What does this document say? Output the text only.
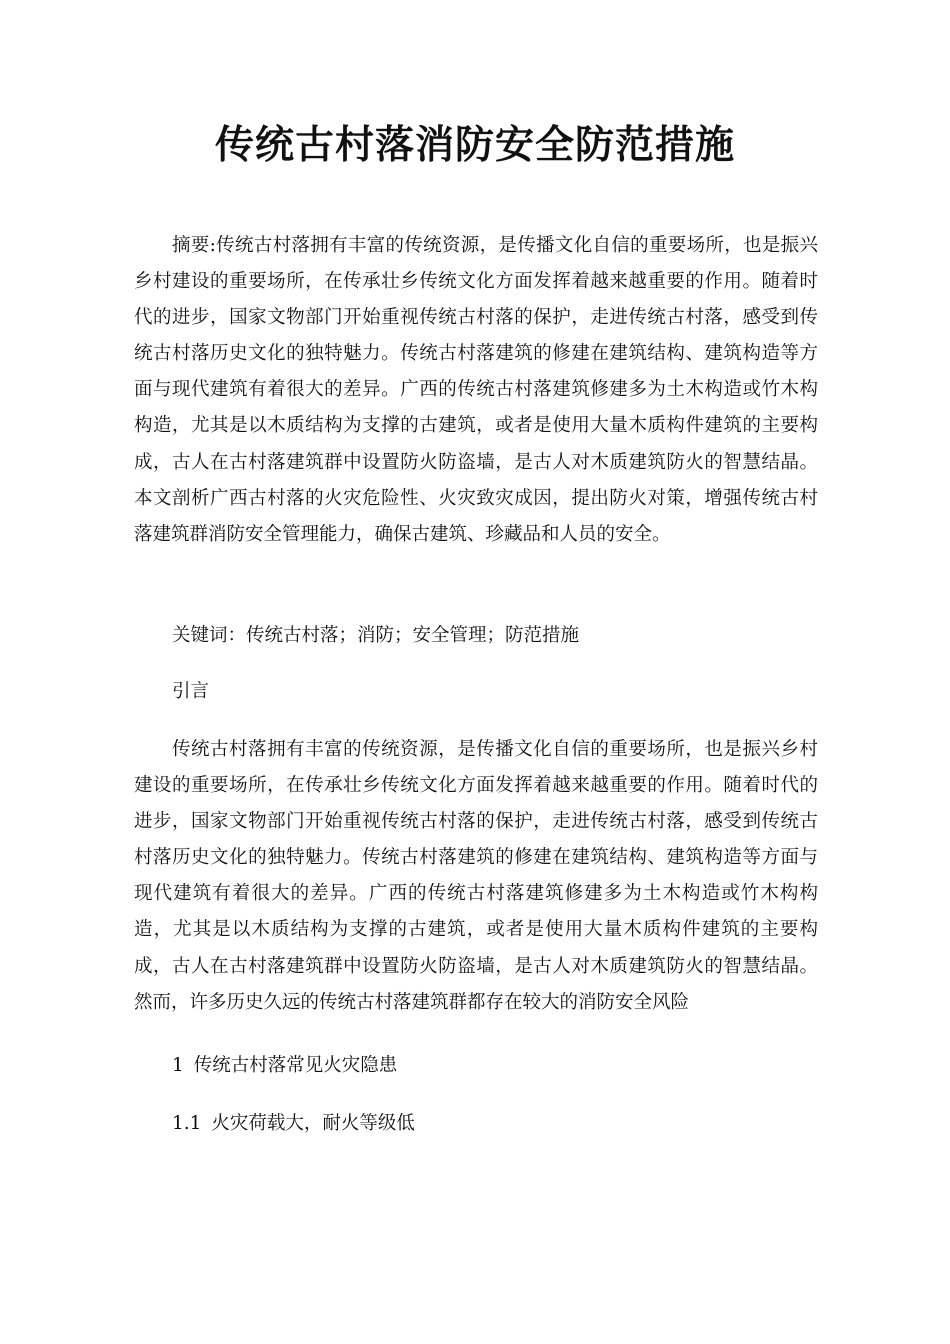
传统古村落消防安全防范措施

摘要:传统古村落拥有丰富的传统资源，是传播文化自信的重要场所，也是振兴乡村建设的重要场所，在传承壮乡传统文化方面发挥着越来越重要的作用。随着时代的进步，国家文物部门开始重视传统古村落的保护，走进传统古村落，感受到传统古村落历史文化的独特魅力。传统古村落建筑的修建在建筑结构、建筑构造等方面与现代建筑有着很大的差异。广西的传统古村落建筑修建多为土木构造或竹木构构造，尤其是以木质结构为支撑的古建筑，或者是使用大量木质构件建筑的主要构成，古人在古村落建筑群中设置防火防盗墙，是古人对木质建筑防火的智慧结晶。本文剖析广西古村落的火灾危险性、火灾致灾成因，提出防火对策，增强传统古村落建筑群消防安全管理能力，确保古建筑、珍藏品和人员的安全。

关键词：传统古村落；消防；安全管理；防范措施

引言

传统古村落拥有丰富的传统资源，是传播文化自信的重要场所，也是振兴乡村建设的重要场所，在传承壮乡传统文化方面发挥着越来越重要的作用。随着时代的进步，国家文物部门开始重视传统古村落的保护，走进传统古村落，感受到传统古村落历史文化的独特魅力。传统古村落建筑的修建在建筑结构、建筑构造等方面与现代建筑有着很大的差异。广西的传统古村落建筑修建多为土木构造或竹木构构造，尤其是以木质结构为支撑的古建筑，或者是使用大量木质构件建筑的主要构成，古人在古村落建筑群中设置防火防盗墙，是古人对木质建筑防火的智慧结晶。然而，许多历史久远的传统古村落建筑群都存在较大的消防安全风险

1 传统古村落常见火灾隐患

1.1 火灾荷载大，耐火等级低
